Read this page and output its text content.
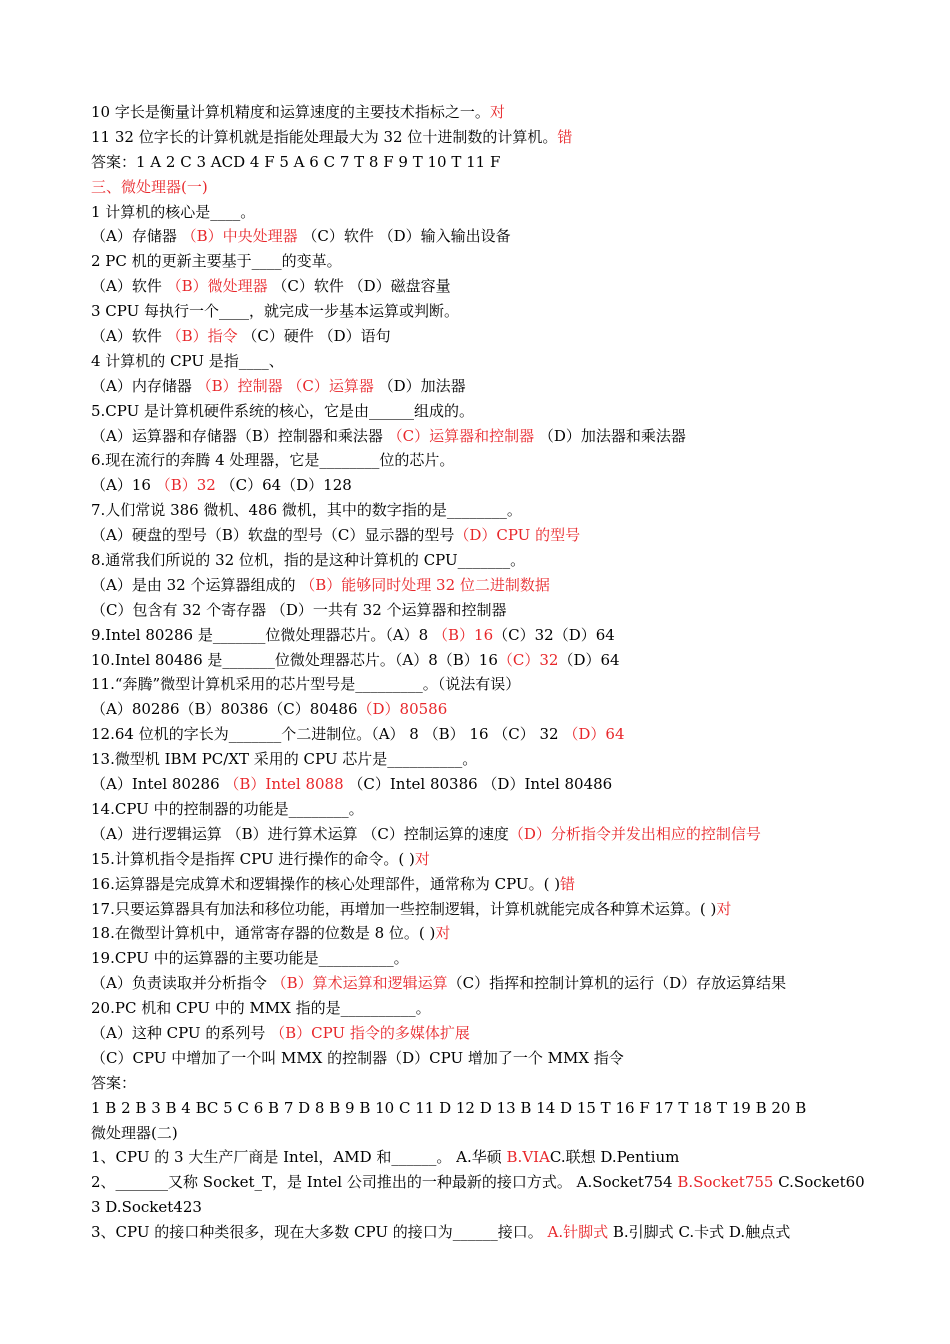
10 字长是衡量计算机精度和运算速度的主要技术指标之一。对
11 32 位字长的计算机就是指能处理最大为 32 位十进制数的计算机。错
答案：1 A 2 C 3 ACD 4 F 5 A 6 C 7 T 8 F 9 T 10 T 11 F
三、微处理器(一)
1 计算机的核心是____。
（A）存储器 （B）中央处理器 （C）软件 （D）输入输出设备
2 PC 机的更新主要基于____的变革。
（A）软件 （B）微处理器 （C）软件 （D）磁盘容量
3 CPU 每执行一个____，就完成一步基本运算或判断。
（A）软件 （B）指令 （C）硬件 （D）语句
4 计算机的 CPU 是指____、
（A）内存储器 （B）控制器 （C）运算器 （D）加法器
5.CPU 是计算机硬件系统的核心，它是由______组成的。
（A）运算器和存储器（B）控制器和乘法器 （C）运算器和控制器 （D）加法器和乘法器
6.现在流行的奔腾 4 处理器，它是________位的芯片。
（A）16 （B）32 （C）64（D）128
7.人们常说 386 微机、486 微机，其中的数字指的是________。
（A）硬盘的型号（B）软盘的型号（C）显示器的型号（D）CPU 的型号
8.通常我们所说的 32 位机，指的是这种计算机的 CPU_______。
（A）是由 32 个运算器组成的 （B）能够同时处理 32 位二进制数据
（C）包含有 32 个寄存器 （D）一共有 32 个运算器和控制器
9.Intel 80286 是_______位微处理器芯片。（A）8 （B）16（C）32（D）64
10.Intel 80486 是_______位微处理器芯片。（A）8（B）16（C）32（D）64
11.“奔腾”微型计算机采用的芯片型号是_________。（说法有误）
（A）80286（B）80386（C）80486（D）80586
12.64 位机的字长为_______个二进制位。（A） 8 （B） 16 （C） 32 （D）64
13.微型机 IBM PC/XT 采用的 CPU 芯片是__________。
（A）Intel 80286 （B）Intel 8088 （C）Intel 80386 （D）Intel 80486
14.CPU 中的控制器的功能是________。
（A）进行逻辑运算 （B）进行算术运算 （C）控制运算的速度（D）分析指令并发出相应的控制信号
15.计算机指令是指挥 CPU 进行操作的命令。( )对
16.运算器是完成算术和逻辑操作的核心处理部件，通常称为 CPU。( )错
17.只要运算器具有加法和移位功能，再增加一些控制逻辑，计算机就能完成各种算术运算。( )对
18.在微型计算机中，通常寄存器的位数是 8 位。( )对
19.CPU 中的运算器的主要功能是__________。
（A）负责读取并分析指令 （B）算术运算和逻辑运算（C）指挥和控制计算机的运行（D）存放运算结果
20.PC 机和 CPU 中的 MMX 指的是__________。
（A）这种 CPU 的系列号 （B）CPU 指令的多媒体扩展
（C）CPU 中增加了一个叫 MMX 的控制器（D）CPU 增加了一个 MMX 指令
答案：
1 B 2 B 3 B 4 BC 5 C 6 B 7 D 8 B 9 B 10 C 11 D 12 D 13 B 14 D 15 T 16 F 17 T 18 T 19 B 20 B
微处理器(二)
1、CPU 的 3 大生产厂商是 Intel，AMD 和______。 A.华硕 B.VIAC.联想 D.Pentium
2、_______又称 Socket_T，是 Intel 公司推出的一种最新的接口方式。 A.Socket754 B.Socket755 C.Socket60
3 D.Socket423
3、CPU 的接口种类很多，现在大多数 CPU 的接口为______接口。 A.针脚式 B.引脚式 C.卡式 D.触点式
